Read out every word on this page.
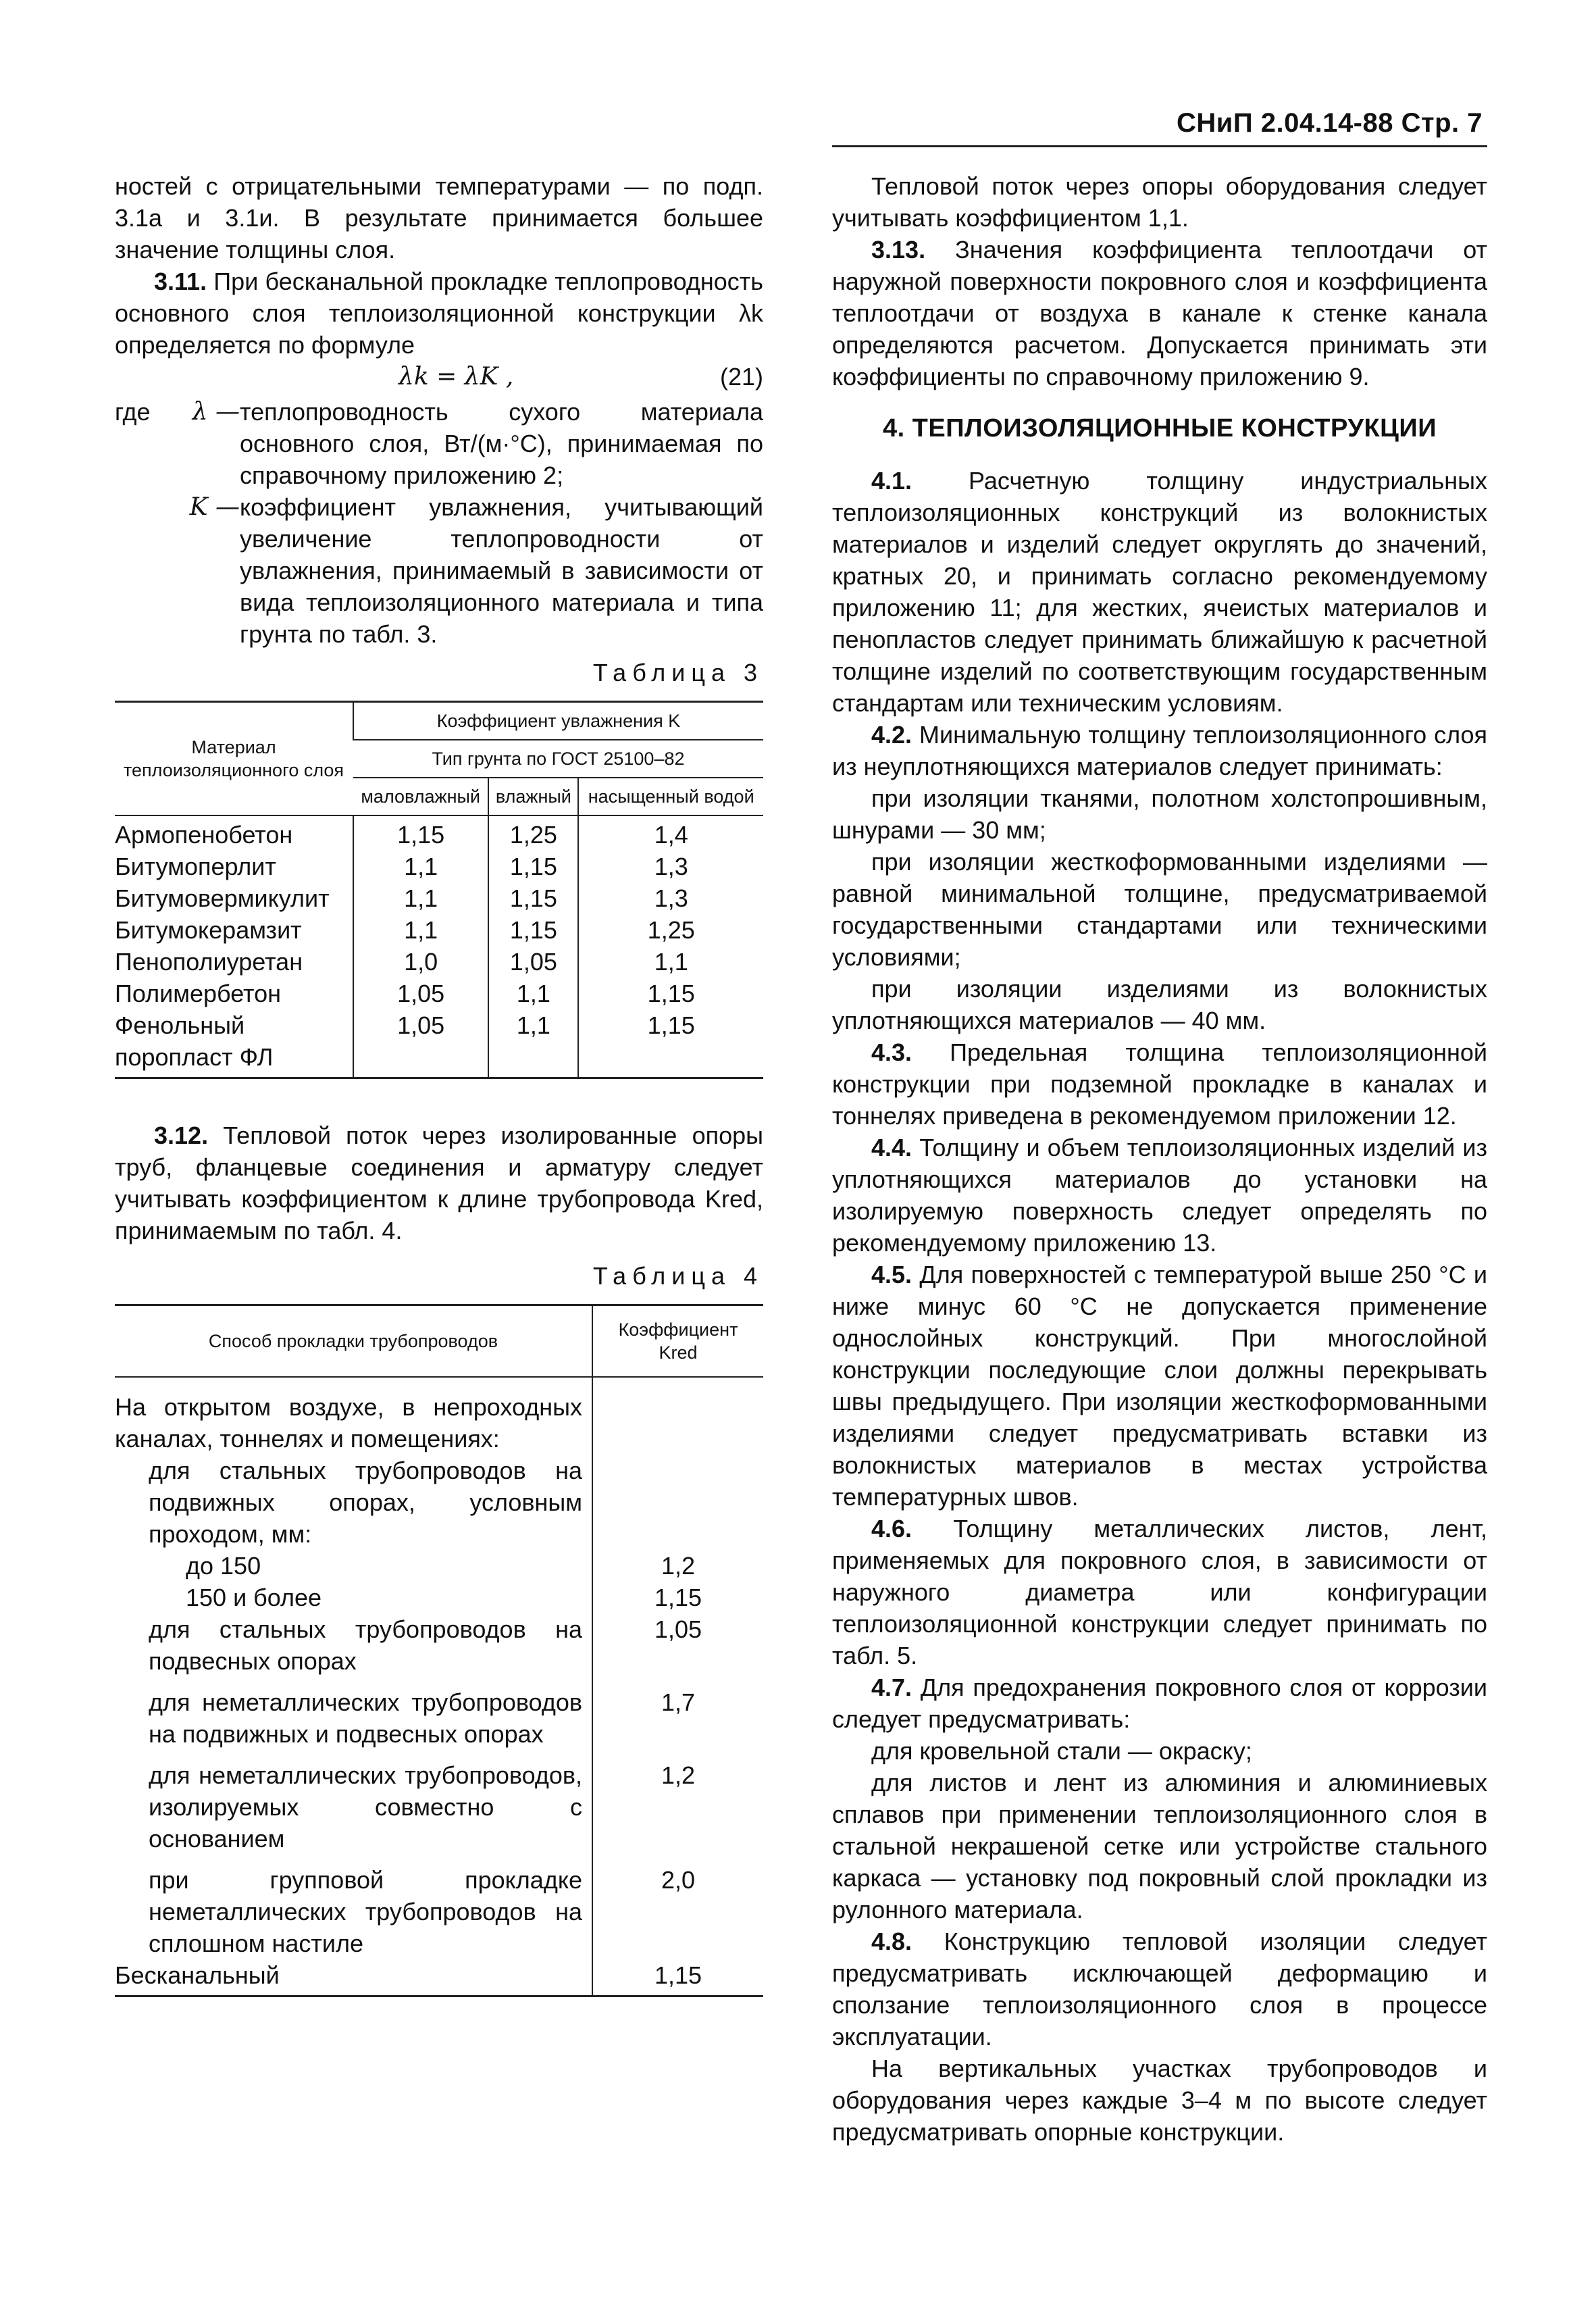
СНиП 2.04.14-88 Стр. 7

ностей с отрицательными температурами — по подп. 3.1а и 3.1и. В результате принимается большее значение толщины слоя.

3.11. При бесканальной прокладке теплопроводность основного слоя теплоизоляционной конструкции λk определяется по формуле

λk = λK ,	(21)
где	λ — теплопроводность сухого материала основного слоя, Вт/(м·°С), принимаемая по справочному приложению 2;
K — коэффициент увлажнения, учитывающий увеличение теплопроводности от увлажнения, принимаемый в зависимости от вида теплоизоляционного материала и типа грунта по табл. 3.
Таблица 3
Материал теплоизоляционного слоя	Коэффициент увлажнения K		
	Тип грунта по ГОСТ 25100–82		
	маловлажный	влажный	насыщенный водой
Армопенобетон	1,15	1,25	1,4
Битумоперлит	1,1	1,15	1,3
Битумовермикулит	1,1	1,15	1,3
Битумокерамзит	1,1	1,15	1,25
Пенополиуретан	1,0	1,05	1,1
Полимербетон	1,05	1,1	1,15
Фенольный поропласт ФЛ	1,05	1,1	1,15

3.12. Тепловой поток через изолированные опоры труб, фланцевые соединения и арматуру следует учитывать коэффициентом к длине трубопровода Kred, принимаемым по табл. 4.

Таблица 4
Способ прокладки трубопроводов	Коэффициент Kred
На открытом воздухе, в непроходных каналах, тоннелях и помещениях:	
для стальных трубопроводов на подвижных опорах, условным проходом, мм:	
до 150	1,2
150 и более	1,15
для стальных трубопроводов на подвесных опорах	1,05
для неметаллических трубопроводов на подвижных и подвесных опорах	1,7
для неметаллических трубопроводов, изолируемых совместно с основанием	1,2
при групповой прокладке неметаллических трубопроводов на сплошном настиле	2,0
Бесканальный	1,15

Тепловой поток через опоры оборудования следует учитывать коэффициентом 1,1.

3.13. Значения коэффициента теплоотдачи от наружной поверхности покровного слоя и коэффициента теплоотдачи от воздуха в канале к стенке канала определяются расчетом. Допускается принимать эти коэффициенты по справочному приложению 9.

4. ТЕПЛОИЗОЛЯЦИОННЫЕ КОНСТРУКЦИИ

4.1. Расчетную толщину индустриальных теплоизоляционных конструкций из волокнистых материалов и изделий следует округлять до значений, кратных 20, и принимать согласно рекомендуемому приложению 11; для жестких, ячеистых материалов и пенопластов следует принимать ближайшую к расчетной толщине изделий по соответствующим государственным стандартам или техническим условиям.

4.2. Минимальную толщину теплоизоляционного слоя из неуплотняющихся материалов следует принимать:

при изоляции тканями, полотном холстопрошивным, шнурами — 30 мм;

при изоляции жесткоформованными изделиями — равной минимальной толщине, предусматриваемой государственными стандартами или техническими условиями;

при изоляции изделиями из волокнистых уплотняющихся материалов — 40 мм.

4.3. Предельная толщина теплоизоляционной конструкции при подземной прокладке в каналах и тоннелях приведена в рекомендуемом приложении 12.

4.4. Толщину и объем теплоизоляционных изделий из уплотняющихся материалов до установки на изолируемую поверхность следует определять по рекомендуемому приложению 13.

4.5. Для поверхностей с температурой выше 250 °С и ниже минус 60 °С не допускается применение однослойных конструкций. При многослойной конструкции последующие слои должны перекрывать швы предыдущего. При изоляции жесткоформованными изделиями следует предусматривать вставки из волокнистых материалов в местах устройства температурных швов.

4.6. Толщину металлических листов, лент, применяемых для покровного слоя, в зависимости от наружного диаметра или конфигурации теплоизоляционной конструкции следует принимать по табл. 5.

4.7. Для предохранения покровного слоя от коррозии следует предусматривать:

для кровельной стали — окраску;

для листов и лент из алюминия и алюминиевых сплавов при применении теплоизоляционного слоя в стальной некрашеной сетке или устройстве стального каркаса — установку под покровный слой прокладки из рулонного материала.

4.8. Конструкцию тепловой изоляции следует предусматривать исключающей деформацию и сползание теплоизоляционного слоя в процессе эксплуатации.

На вертикальных участках трубопроводов и оборудования через каждые 3–4 м по высоте следует предусматривать опорные конструкции.
